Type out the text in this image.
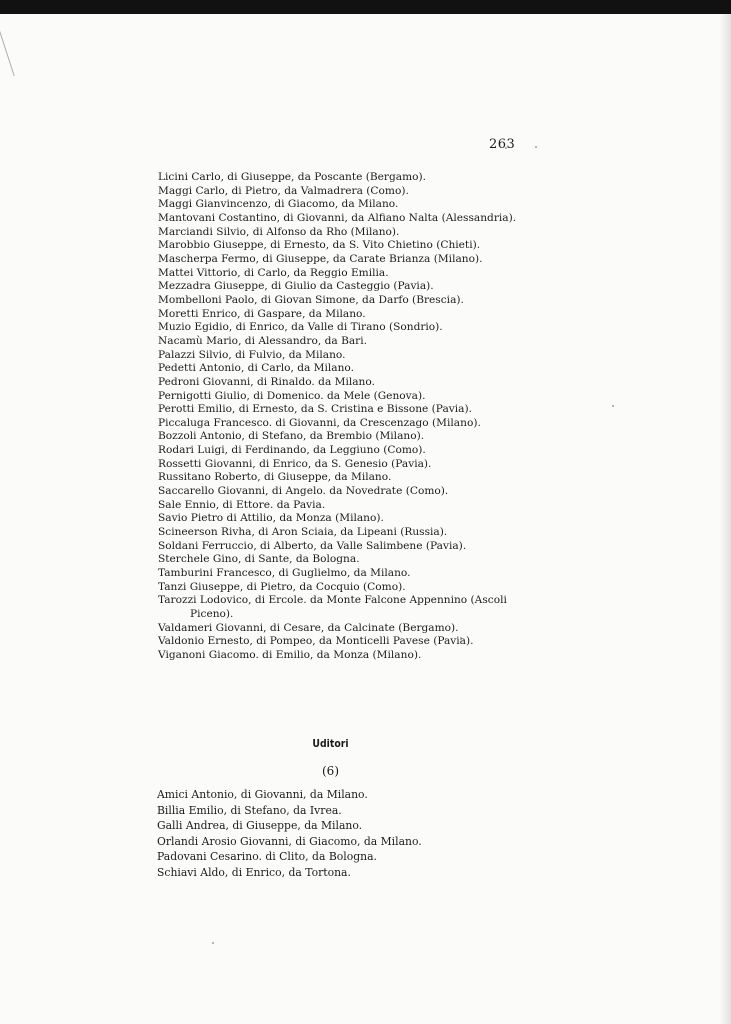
263
Licini Carlo, di Giuseppe, da Poscante (Bergamo).
Maggi Carlo, di Pietro, da Valmadrera (Como).
Maggi Gianvincenzo, di Giacomo, da Milano.
Mantovani Costantino, di Giovanni, da Alfiano Nalta (Alessandria).
Marciandi Silvio, di Alfonso da Rho (Milano).
Marobbio Giuseppe, di Ernesto, da S. Vito Chietino (Chieti).
Mascherpa Fermo, di Giuseppe, da Carate Brianza (Milano).
Mattei Vittorio, di Carlo, da Reggio Emilia.
Mezzadra Giuseppe, di Giulio da Casteggio (Pavia).
Mombelloni Paolo, di Giovan Simone, da Darfo (Brescia).
Moretti Enrico, di Gaspare, da Milano.
Muzio Egidio, di Enrico, da Valle di Tirano (Sondrio).
Nacamù Mario, di Alessandro, da Bari.
Palazzi Silvio, di Fulvio, da Milano.
Pedetti Antonio, di Carlo, da Milano.
Pedroni Giovanni, di Rinaldo. da Milano.
Pernigotti Giulio, di Domenico. da Mele (Genova).
Perotti Emilio, di Ernesto, da S. Cristina e Bissone (Pavia).
Piccaluga Francesco. di Giovanni, da Crescenzago (Milano).
Bozzoli Antonio, di Stefano, da Brembio (Milano).
Rodari Luigi, di Ferdinando, da Leggiuno (Como).
Rossetti Giovanni, di Enrico, da S. Genesio (Pavia).
Russitano Roberto, di Giuseppe, da Milano.
Saccarello Giovanni, di Angelo. da Novedrate (Como).
Sale Ennio, di Ettore. da Pavia.
Savio Pietro di Attilio, da Monza (Milano).
Scineerson Rivha, di Aron Sciaia, da Lipeani (Russia).
Soldani Ferruccio, di Alberto, da Valle Salimbene (Pavia).
Sterchele Gino, di Sante, da Bologna.
Tamburini Francesco, di Guglielmo, da Milano.
Tanzi Giuseppe, di Pietro, da Cocquio (Como).
Tarozzi Lodovico, di Ercole. da Monte Falcone Appennino (Ascoli Piceno).
Valdameri Giovanni, di Cesare, da Calcinate (Bergamo).
Valdonio Ernesto, di Pompeo, da Monticelli Pavese (Pavia).
Viganoni Giacomo. di Emilio, da Monza (Milano).
Uditori
(6)
Amici Antonio, di Giovanni, da Milano.
Billia Emilio, di Stefano, da Ivrea.
Galli Andrea, di Giuseppe, da Milano.
Orlandi Arosio Giovanni, di Giacomo, da Milano.
Padovani Cesarino. di Clito, da Bologna.
Schiavi Aldo, di Enrico, da Tortona.
